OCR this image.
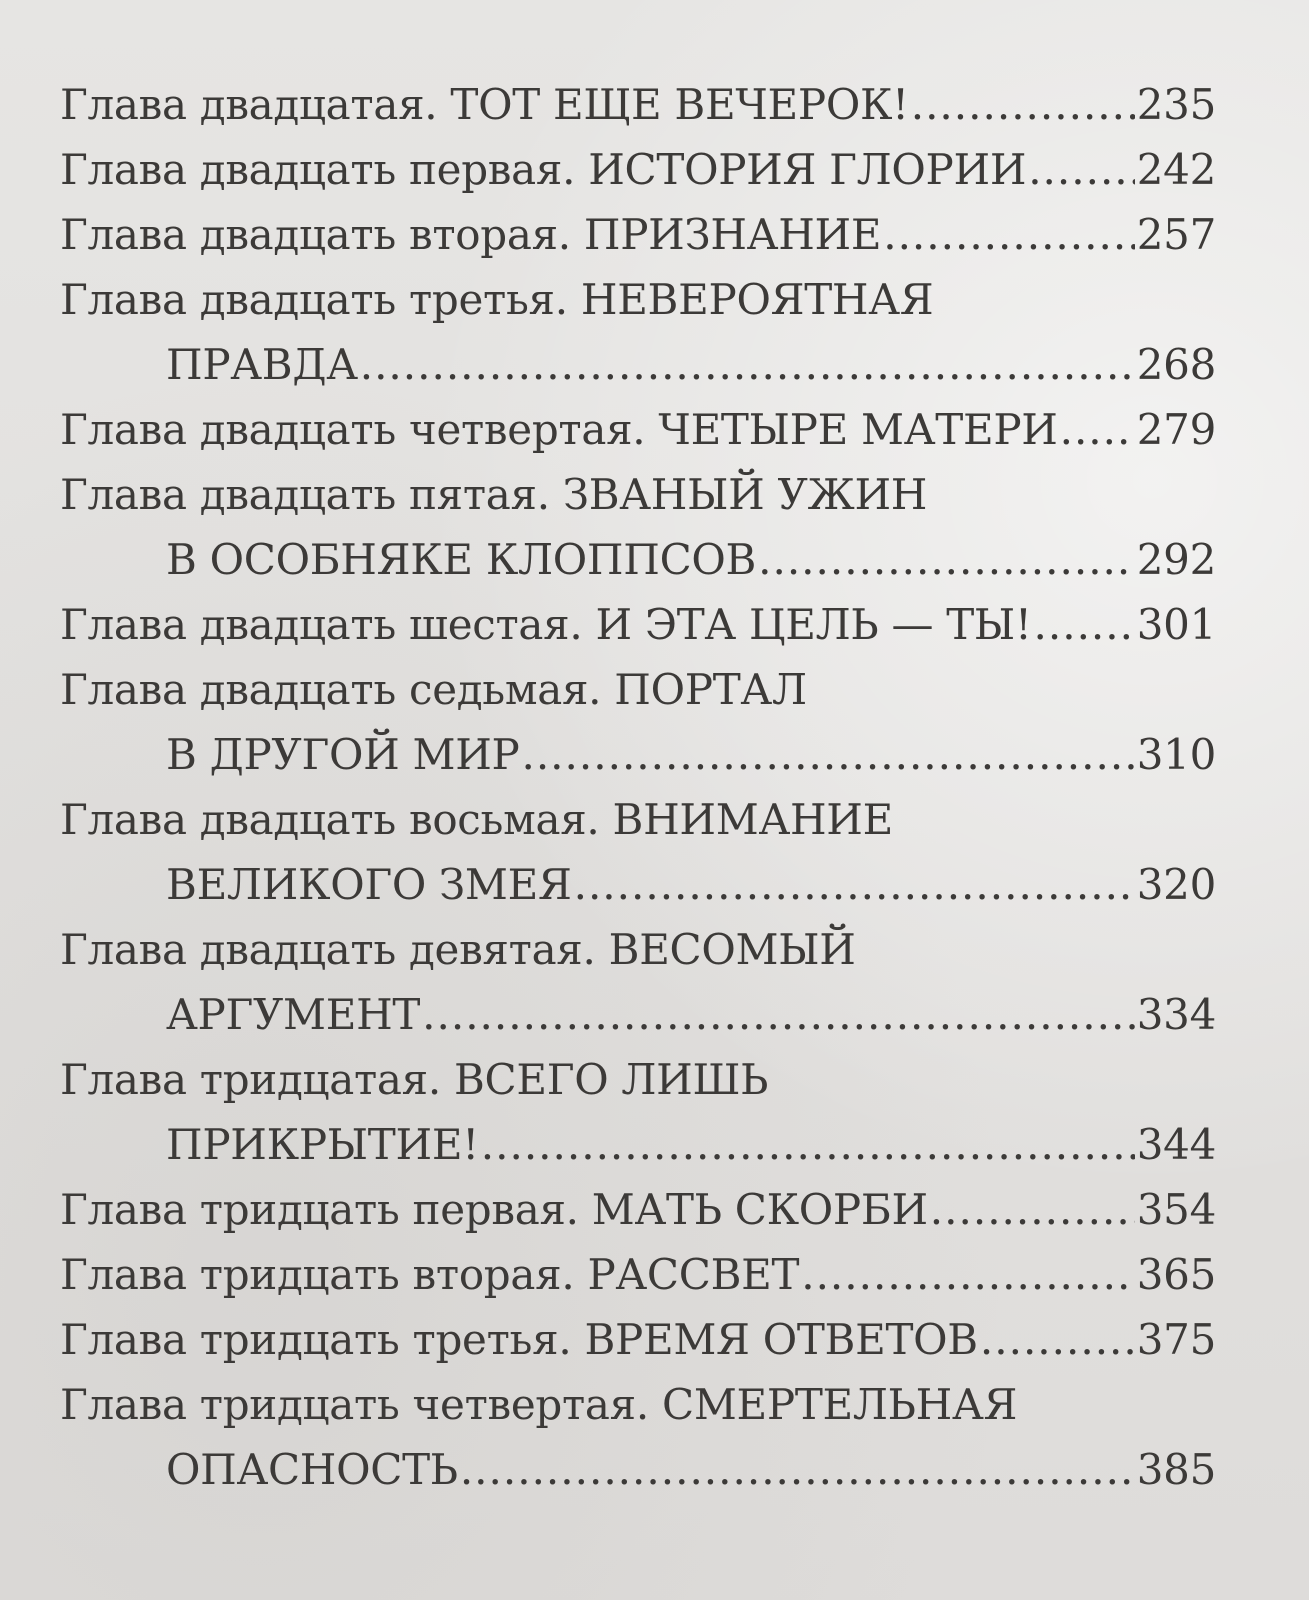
Глава двадцатая. ТОТ ЕЩЕ ВЕЧЕРОК! .....	235
Глава двадцать первая. ИСТОРИЯ ГЛОРИИ .....	242
Глава двадцать вторая. ПРИЗНАНИЕ .....	257
Глава двадцать третья. НЕВЕРОЯТНАЯ
ПРАВДА .....	268
Глава двадцать четвертая. ЧЕТЫРЕ МАТЕРИ ..... 279
Глава двадцать пятая. ЗВАНЫЙ УЖИН
В ОСОБНЯКЕ КЛОППСОВ .....	292
Глава двадцать шестая. И ЭТА ЦЕЛЬ — ТЫ! .....	301
Глава двадцать седьмая. ПОРТАЛ
В ДРУГОЙ МИР .....	310
Глава двадцать восьмая. ВНИМАНИЕ
ВЕЛИКОГО ЗМЕЯ .....	320
Глава двадцать девятая. ВЕСОМЫЙ
АРГУМЕНТ .....	334
Глава тридцатая. ВСЕГО ЛИШЬ
ПРИКРЫТИЕ! .....	344
Глава тридцать первая. МАТЬ СКОРБИ .....	354
Глава тридцать вторая. РАССВЕТ .....	365
Глава тридцать третья. ВРЕМЯ ОТВЕТОВ .....	375
Глава тридцать четвертая. СМЕРТЕЛЬНАЯ
ОПАСНОСТЬ .....	385
